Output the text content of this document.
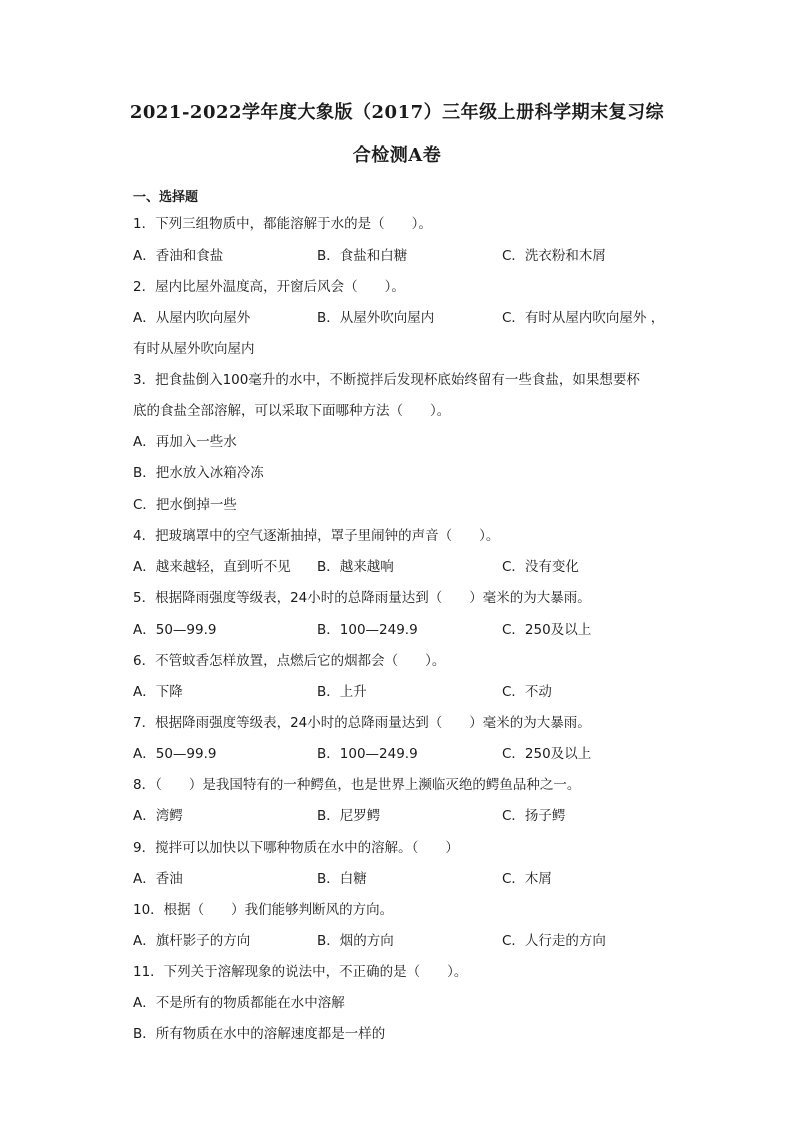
2021-2022学年度大象版（2017）三年级上册科学期末复习综
合检测A卷
一、选择题
1．下列三组物质中，都能溶解于水的是（　　）。
A．香油和食盐	B．食盐和白糖	C．洗衣粉和木屑
2．屋内比屋外温度高，开窗后风会（　　）。
A．从屋内吹向屋外	B．从屋外吹向屋内	C．有时从屋内吹向屋外 ，
有时从屋外吹向屋内
3．把食盐倒入100毫升的水中，不断搅拌后发现杯底始终留有一些食盐，如果想要杯
底的食盐全部溶解，可以采取下面哪种方法（　　）。
A．再加入一些水
B．把水放入冰箱冷冻
C．把水倒掉一些
4．把玻璃罩中的空气逐渐抽掉，罩子里闹钟的声音（　　）。
A．越来越轻，直到听不见 B．越来越响	C．没有变化
5．根据降雨强度等级表，24小时的总降雨量达到（　　）毫米的为大暴雨。
A．50—99.9	B．100—249.9	C．250及以上
6．不管蚊香怎样放置，点燃后它的烟都会（　　）。
A．下降	B．上升	C．不动
7．根据降雨强度等级表，24小时的总降雨量达到（　　）毫米的为大暴雨。
A．50—99.9	B．100—249.9	C．250及以上
8．（　　）是我国特有的一种鳄鱼，也是世界上濒临灭绝的鳄鱼品种之一。
A．湾鳄	B．尼罗鳄	C．扬子鳄
9．搅拌可以加快以下哪种物质在水中的溶解。（　　）
A．香油	B．白糖	C．木屑
10．根据（　　）我们能够判断风的方向。
A．旗杆影子的方向	B．烟的方向	C．人行走的方向
11．下列关于溶解现象的说法中，不正确的是（　　）。
A．不是所有的物质都能在水中溶解
B．所有物质在水中的溶解速度都是一样的
